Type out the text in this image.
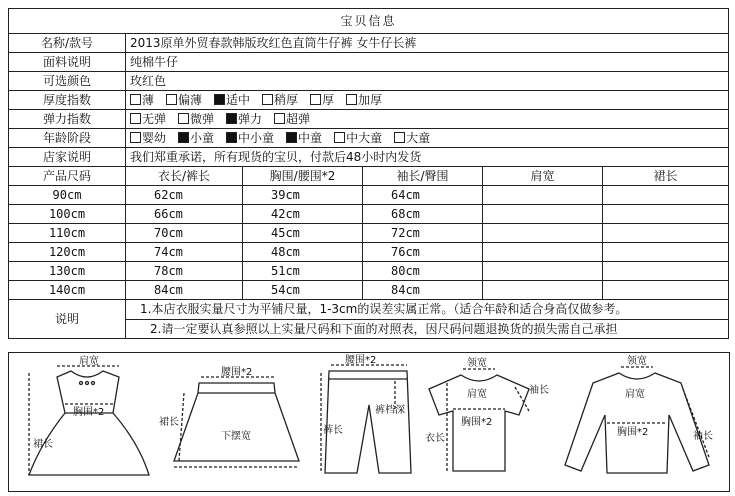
宝贝信息					
名称/款号	2013原单外贸春款韩版玫红色直筒牛仔裤 女牛仔长裤				
面料说明	纯棉牛仔				
可选颜色	玫红色				
厚度指数	薄 偏薄 适中 稍厚 厚 加厚				
弹力指数	无弹 微弹 弹力 超弹				
年龄阶段	婴幼 小童 中小童 中童 中大童 大童				
店家说明	我们郑重承诺，所有现货的宝贝，付款后48小时内发货				
产品尺码	衣长/裤长	胸围/腰围*2	袖长/臀围	肩宽	裙长
90cm	62cm	39cm	64cm		
100cm	66cm	42cm	68cm		
110cm	70cm	45cm	72cm		
120cm	74cm	48cm	76cm		
130cm	78cm	51cm	80cm		
140cm	84cm	54cm	84cm		
说明	1.本店衣服实量尺寸为平铺尺量，1-3cm的误差实属正常。（适合年龄和适合身高仅做参考。				
	2.请一定要认真参照以上实量尺码和下面的对照表，因尺码问题退换货的损失需自己承担				
肩宽
胸围*2
裙长
腰围*2
裙长
下摆宽
腰围*2
裤长
裤档深
领宽
肩宽	袖长
胸围*2
衣长
领宽
肩宽
胸围*2	袖长
